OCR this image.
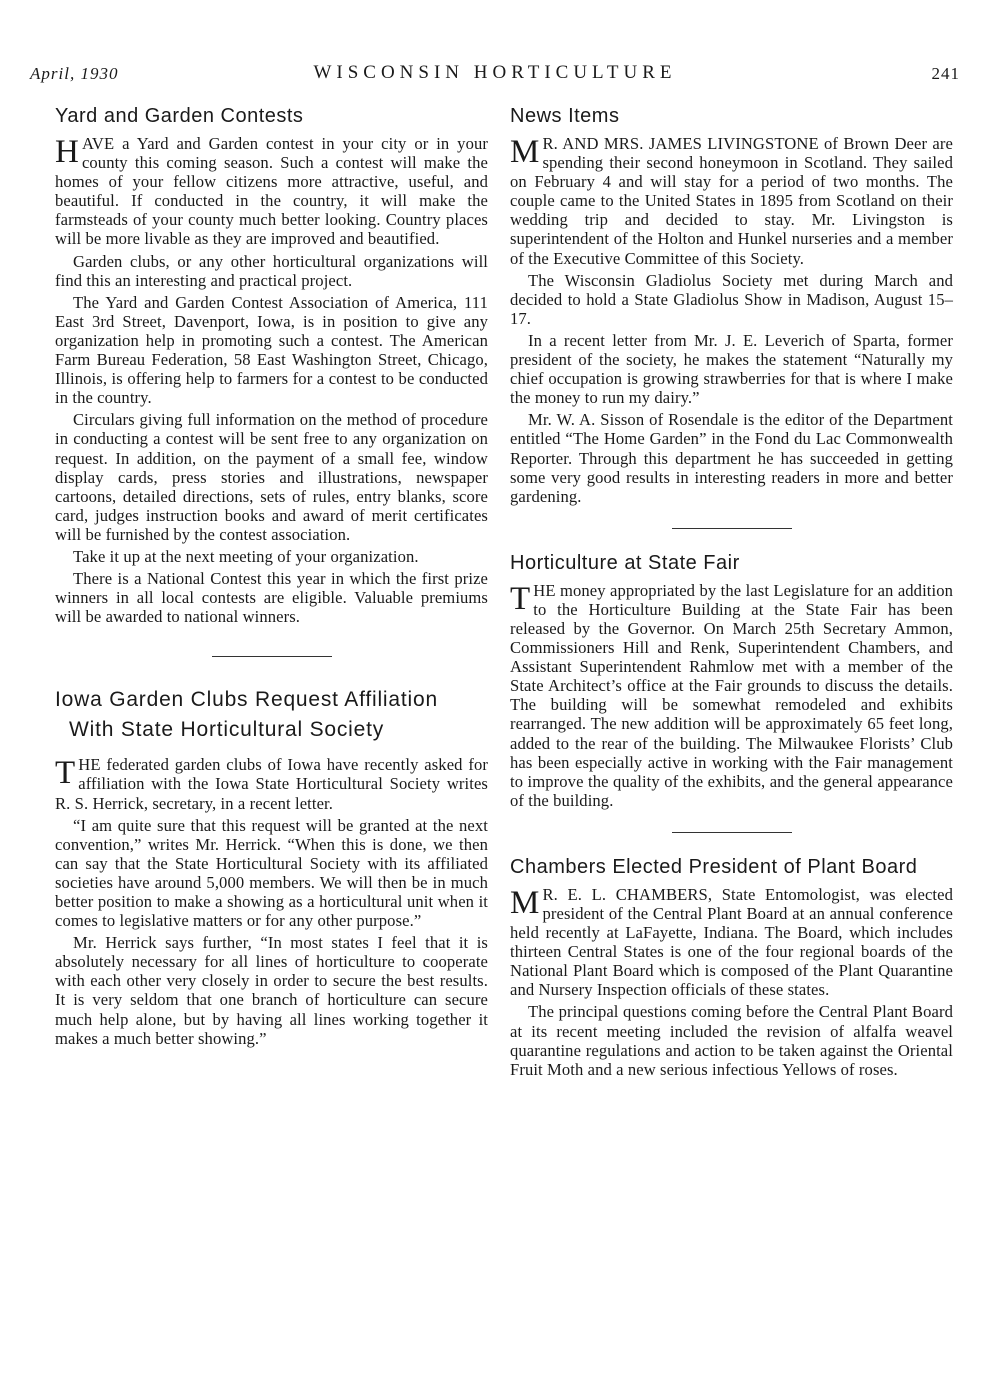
April, 1930	WISCONSIN HORTICULTURE	241
Yard and Garden Contests

HAVE a Yard and Garden contest in your city or in your county this coming season. Such a contest will make the homes of your fellow citizens more attractive, useful, and beautiful. If conducted in the country, it will make the farmsteads of your county much better looking. Country places will be more livable as they are improved and beautified.

Garden clubs, or any other horticultural organizations will find this an interesting and practical project.

The Yard and Garden Contest Association of America, 111 East 3rd Street, Davenport, Iowa, is in position to give any organization help in promoting such a contest. The American Farm Bureau Federation, 58 East Washington Street, Chicago, Illinois, is offering help to farmers for a contest to be conducted in the country.

Circulars giving full information on the method of procedure in conducting a contest will be sent free to any organization on request. In addition, on the payment of a small fee, window display cards, press stories and illustrations, newspaper cartoons, detailed directions, sets of rules, entry blanks, score card, judges instruction books and award of merit certificates will be furnished by the contest association.

Take it up at the next meeting of your organization.

There is a National Contest this year in which the first prize winners in all local contests are eligible. Valuable premiums will be awarded to national winners.

Iowa Garden Clubs Request Affiliation
With State Horticultural Society

THE federated garden clubs of Iowa have recently asked for affiliation with the Iowa State Horticultural Society writes R. S. Herrick, secretary, in a recent letter.

“I am quite sure that this request will be granted at the next convention,” writes Mr. Herrick. “When this is done, we then can say that the State Horticultural Society with its affiliated societies have around 5,000 members. We will then be in much better position to make a showing as a horticultural unit when it comes to legislative matters or for any other purpose.”

Mr. Herrick says further, “In most states I feel that it is absolutely necessary for all lines of horticulture to cooperate with each other very closely in order to secure the best results. It is very seldom that one branch of horticulture can secure much help alone, but by having all lines working together it makes a much better showing.”

News Items

M R. AND MRS. JAMES LIVINGSTONE of Brown Deer are spending their second honeymoon in Scotland. They sailed on February 4 and will stay for a period of two months. The couple came to the United States in 1895 from Scotland on their wedding trip and decided to stay. Mr. Livingston is superintendent of the Holton and Hunkel nurseries and a member of the Executive Committee of this Society.

The Wisconsin Gladiolus Society met during March and decided to hold a State Gladiolus Show in Madison, August 15–17.

In a recent letter from Mr. J. E. Leverich of Sparta, former president of the society, he makes the statement “Naturally my chief occupation is growing strawberries for that is where I make the money to run my dairy.”

Mr. W. A. Sisson of Rosendale is the editor of the Department entitled “The Home Garden” in the Fond du Lac Commonwealth Reporter. Through this department he has succeeded in getting some very good results in interesting readers in more and better gardening.

Horticulture at State Fair

THE money appropriated by the last Legislature for an addition to the Horticulture Building at the State Fair has been released by the Governor. On March 25th Secretary Ammon, Commissioners Hill and Renk, Superintendent Chambers, and Assistant Superintendent Rahmlow met with a member of the State Architect’s office at the Fair grounds to discuss the details. The building will be somewhat remodeled and exhibits rearranged. The new addition will be approximately 65 feet long, added to the rear of the building. The Milwaukee Florists’ Club has been especially active in working with the Fair management to improve the quality of the exhibits, and the general appearance of the building.

Chambers Elected President of Plant Board

M R. E. L. CHAMBERS, State Entomologist, was elected president of the Central Plant Board at an annual conference held recently at LaFayette, Indiana. The Board, which includes thirteen Central States is one of the four regional boards of the National Plant Board which is composed of the Plant Quarantine and Nursery Inspection officials of these states.

The principal questions coming before the Central Plant Board at its recent meeting included the revision of alfalfa weavel quarantine regulations and action to be taken against the Oriental Fruit Moth and a new serious infectious Yellows of roses.
